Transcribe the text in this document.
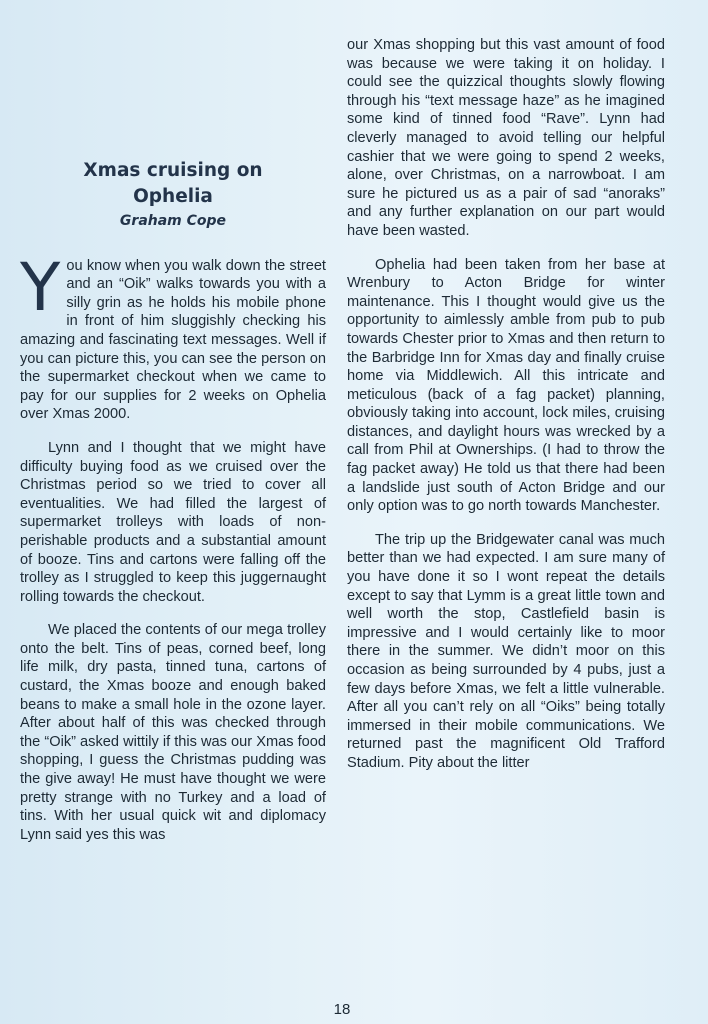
Xmas cruising on Ophelia
Graham Cope

You know when you walk down the street and an “Oik” walks towards you with a silly grin as he holds his mobile phone in front of him sluggishly checking his amazing and fascinating text messages. Well if you can picture this, you can see the person on the supermarket checkout when we came to pay for our supplies for 2 weeks on Ophelia over Xmas 2000.

Lynn and I thought that we might have difficulty buying food as we cruised over the Christmas period so we tried to cover all eventualities. We had filled the largest of supermarket trolleys with loads of non- perishable products and a substantial amount of booze. Tins and cartons were falling off the trolley as I struggled to keep this juggernaught rolling towards the checkout.

We placed the contents of our mega trolley onto the belt. Tins of peas, corned beef, long life milk, dry pasta, tinned tuna, cartons of custard, the Xmas booze and enough baked beans to make a small hole in the ozone layer. After about half of this was checked through the “Oik” asked wittily if this was our Xmas food shopping, I guess the Christmas pudding was the give away! He must have thought we were pretty strange with no Turkey and a load of tins. With her usual quick wit and diplomacy Lynn said yes this was

our Xmas shopping but this vast amount of food was because we were taking it on holiday. I could see the quizzical thoughts slowly flowing through his “text message haze” as he imagined some kind of tinned food “Rave”. Lynn had cleverly managed to avoid telling our helpful cashier that we were going to spend 2 weeks, alone, over Christmas, on a narrowboat. I am sure he pictured us as a pair of sad “anoraks” and any further explanation on our part would have been wasted.

Ophelia had been taken from her base at Wrenbury to Acton Bridge for winter maintenance. This I thought would give us the opportunity to aimlessly amble from pub to pub towards Chester prior to Xmas and then return to the Barbridge Inn for Xmas day and finally cruise home via Middlewich. All this intricate and meticulous (back of a fag packet) planning, obviously taking into account, lock miles, cruising distances, and daylight hours was wrecked by a call from Phil at Ownerships. (I had to throw the fag packet away) He told us that there had been a landslide just south of Acton Bridge and our only option was to go north towards Manchester.

The trip up the Bridgewater canal was much better than we had expected. I am sure many of you have done it so I wont repeat the details except to say that Lymm is a great little town and well worth the stop, Castlefield basin is impressive and I would certainly like to moor there in the summer. We didn’t moor on this occasion as being surrounded by 4 pubs, just a few days before Xmas, we felt a little vulnerable. After all you can’t rely on all “Oiks” being totally immersed in their mobile communications. We returned past the magnificent Old Trafford Stadium. Pity about the litter

18
